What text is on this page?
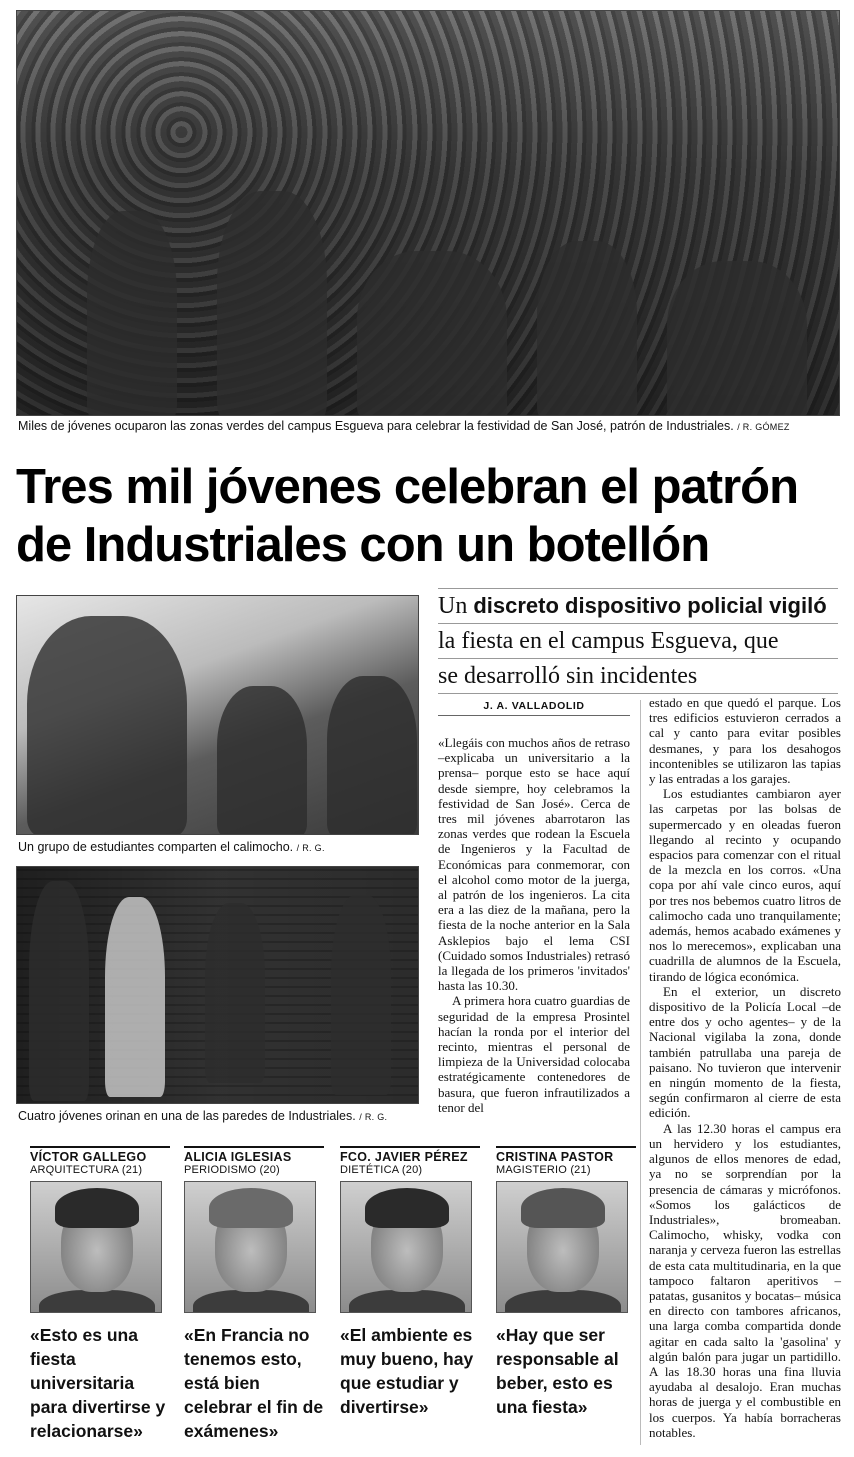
Miles de jóvenes ocuparon las zonas verdes del campus Esgueva para celebrar la festividad de San José, patrón de Industriales. / R. GÓMEZ
Tres mil jóvenes celebran el patrón
de Industriales con un botellón
Un discreto dispositivo policial vigiló
la fiesta en el campus Esgueva, que
se desarrolló sin incidentes
J. A. VALLADOLID
Un grupo de estudiantes comparten el calimocho. / R. G.
Cuatro jóvenes orinan en una de las paredes de Industriales. / R. G.

«Llegáis con muchos años de retraso –explicaba un universitario a la prensa– porque esto se hace aquí desde siempre, hoy celebramos la festividad de San José». Cerca de tres mil jóvenes abarrotaron las zonas verdes que rodean la Escuela de Ingenieros y la Facultad de Económicas para conmemorar, con el alcohol como motor de la juerga, al patrón de los ingenieros. La cita era a las diez de la mañana, pero la fiesta de la noche anterior en la Sala Asklepios bajo el lema CSI (Cuidado somos Industriales) retrasó la llegada de los primeros 'invitados' hasta las 10.30.

A primera hora cuatro guardias de seguridad de la empresa Prosintel hacían la ronda por el interior del recinto, mientras el personal de limpieza de la Universidad colocaba estratégicamente contenedores de basura, que fueron infrautilizados a tenor del

estado en que quedó el parque. Los tres edificios estuvieron cerrados a cal y canto para evitar posibles desmanes, y para los desahogos incontenibles se utilizaron las tapias y las entradas a los garajes.

Los estudiantes cambiaron ayer las carpetas por las bolsas de supermercado y en oleadas fueron llegando al recinto y ocupando espacios para comenzar con el ritual de la mezcla en los corros. «Una copa por ahí vale cinco euros, aquí por tres nos bebemos cuatro litros de calimocho cada uno tranquilamente; además, hemos acabado exámenes y nos lo merecemos», explicaban una cuadrilla de alumnos de la Escuela, tirando de lógica económica.

En el exterior, un discreto dispositivo de la Policía Local –de entre dos y ocho agentes– y de la Nacional vigilaba la zona, donde también patrullaba una pareja de paisano. No tuvieron que intervenir en ningún momento de la fiesta, según confirmaron al cierre de esta edición.

A las 12.30 horas el campus era un hervidero y los estudiantes, algunos de ellos menores de edad, ya no se sorprendían por la presencia de cámaras y micrófonos. «Somos los galácticos de Industriales», bromeaban. Calimocho, whisky, vodka con naranja y cerveza fueron las estrellas de esta cata multitudinaria, en la que tampoco faltaron aperitivos –patatas, gusanitos y bocatas– música en directo con tambores africanos, una larga comba compartida donde agitar en cada salto la 'gasolina' y algún balón para jugar un partidillo. A las 18.30 horas una fina lluvia ayudaba al desalojo. Eran muchas horas de juerga y el combustible en los cuerpos. Ya había borracheras notables.

VÍCTOR GALLEGO
ARQUITECTURA (21)
«Esto es una fiesta universitaria para divertirse y relacionarse»
ALICIA IGLESIAS
PERIODISMO (20)
«En Francia no tenemos esto, está bien celebrar el fin de exámenes»
FCO. JAVIER PÉREZ
DIETÉTICA (20)
«El ambiente es muy bueno, hay que estudiar y divertirse»
CRISTINA PASTOR
MAGISTERIO (21)
«Hay que ser responsable al beber, esto es una fiesta»
